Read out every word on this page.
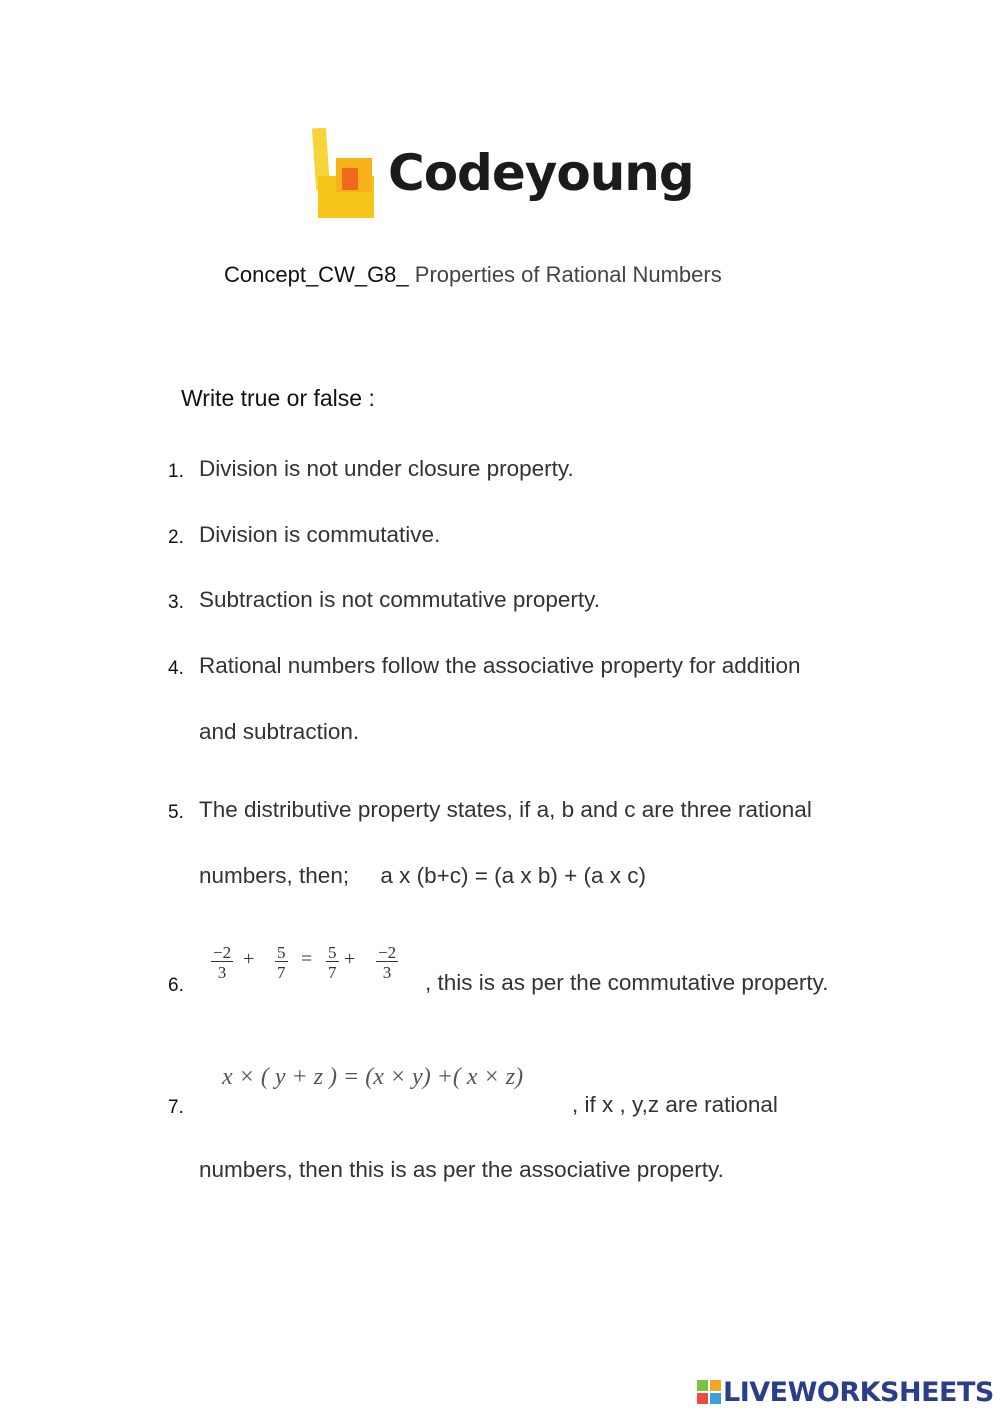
Codeyoung
Concept_CW_G8_ Properties of Rational Numbers
Write true or false :
1. Division is not under closure property.
2. Division is commutative.
3. Subtraction is not commutative property.
4. Rational numbers follow the associative property for addition
and subtraction.
5. The distributive property states, if a, b and c are three rational
numbers, then;     a x (b+c) = (a x b) + (a x c)
$\frac{-2}{3} + \frac{5}{7} = \frac{5}{7} + \frac{-2}{3}$
6.	, this is as per the commutative property.
x × ( y + z ) = (x × y) +( x × z)
7.	, if x , y,z are rational
numbers, then this is as per the associative property.
LIVEWORKSHEETS
